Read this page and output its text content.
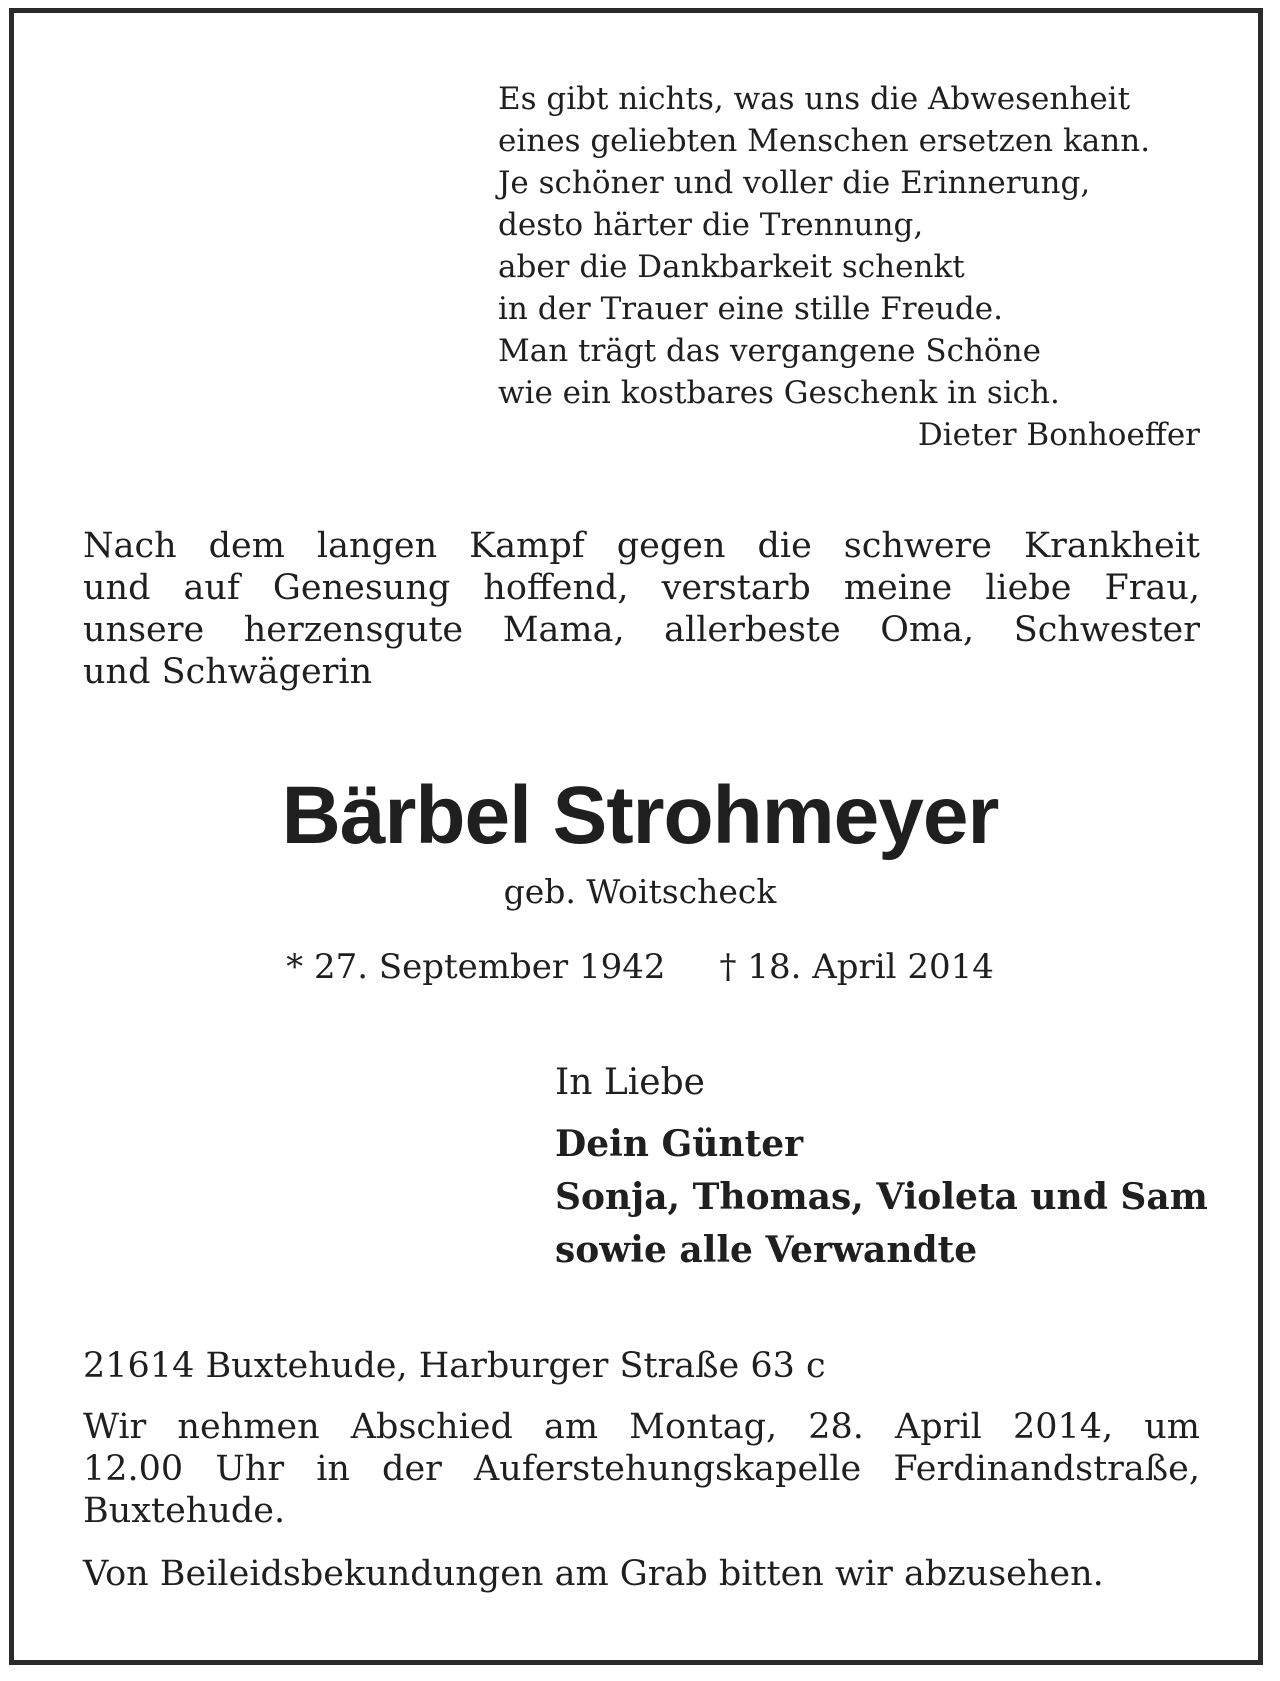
Es gibt nichts, was uns die Abwesenheit
eines geliebten Menschen ersetzen kann.
Je schöner und voller die Erinnerung,
desto härter die Trennung,
aber die Dankbarkeit schenkt
in der Trauer eine stille Freude.
Man trägt das vergangene Schöne
wie ein kostbares Geschenk in sich.
Dieter Bonhoeffer
Nach dem langen Kampf gegen die schwere Krankheit
und auf Genesung hoffend, verstarb meine liebe Frau,
unsere herzensgute Mama, allerbeste Oma, Schwester
und Schwägerin
Bärbel Strohmeyer
geb. Woitscheck
* 27. September 1942 † 18. April 2014
In Liebe
Dein Günter
Sonja, Thomas, Violeta und Sam
sowie alle Verwandte
21614 Buxtehude, Harburger Straße 63 c
Wir nehmen Abschied am Montag, 28. April 2014, um
12.00 Uhr in der Auferstehungskapelle Ferdinandstraße,
Buxtehude.
Von Beileidsbekundungen am Grab bitten wir abzusehen.
